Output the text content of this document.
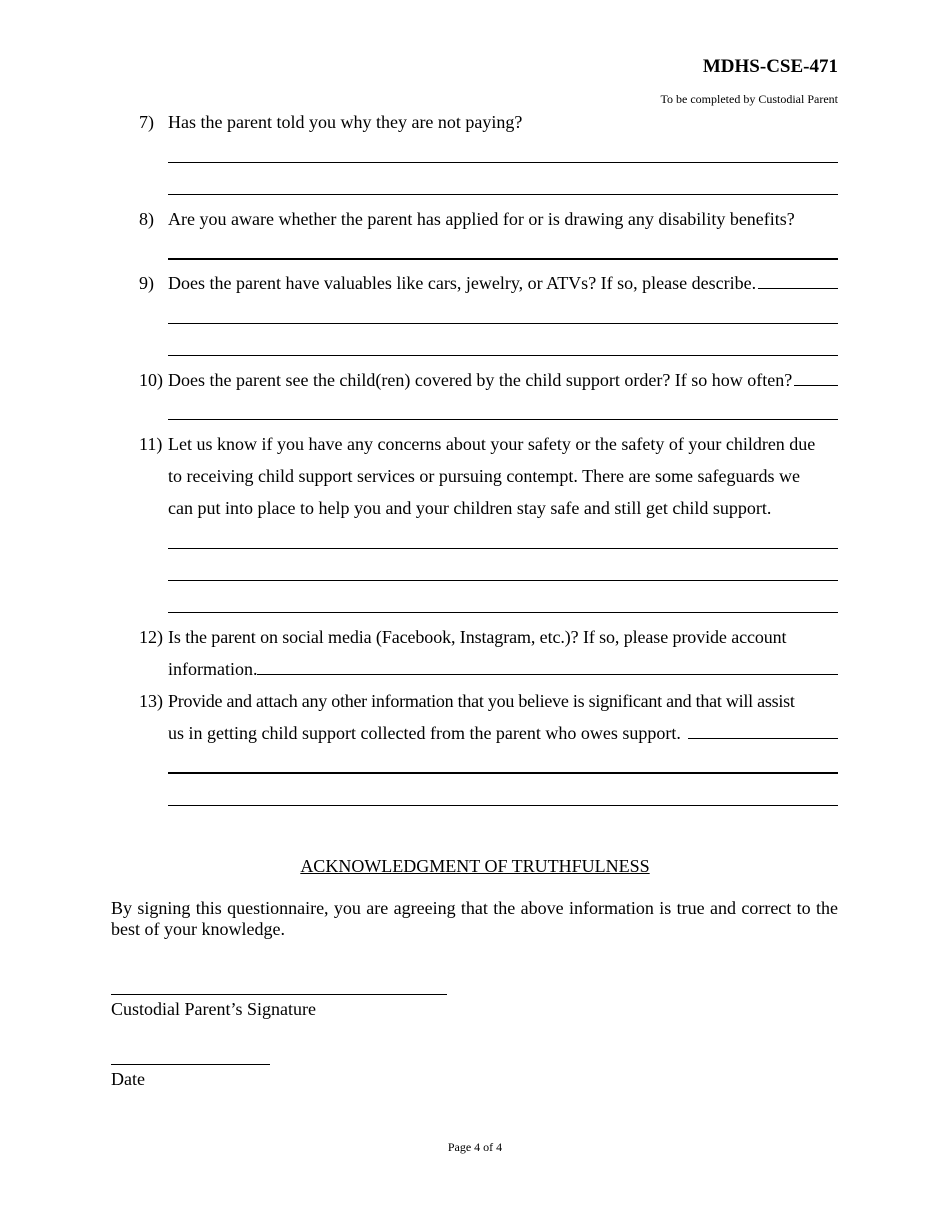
MDHS-CSE-471
To be completed by Custodial Parent
7) Has the parent told you why they are not paying?
8) Are you aware whether the parent has applied for or is drawing any disability benefits?
9) Does the parent have valuables like cars, jewelry, or ATVs? If so, please describe.
10) Does the parent see the child(ren) covered by the child support order? If so how often?
11) Let us know if you have any concerns about your safety or the safety of your children due
to receiving child support services or pursuing contempt. There are some safeguards we
can put into place to help you and your children stay safe and still get child support.
12) Is the parent on social media (Facebook, Instagram, etc.)? If so, please provide account
information.
13) Provide and attach any other information that you believe is significant and that will assist
us in getting child support collected from the parent who owes support.
ACKNOWLEDGMENT OF TRUTHFULNESS
By signing this questionnaire, you are agreeing that the above information is true and correct to the best of your knowledge.
Custodial Parent’s Signature
Date
Page 4 of 4
